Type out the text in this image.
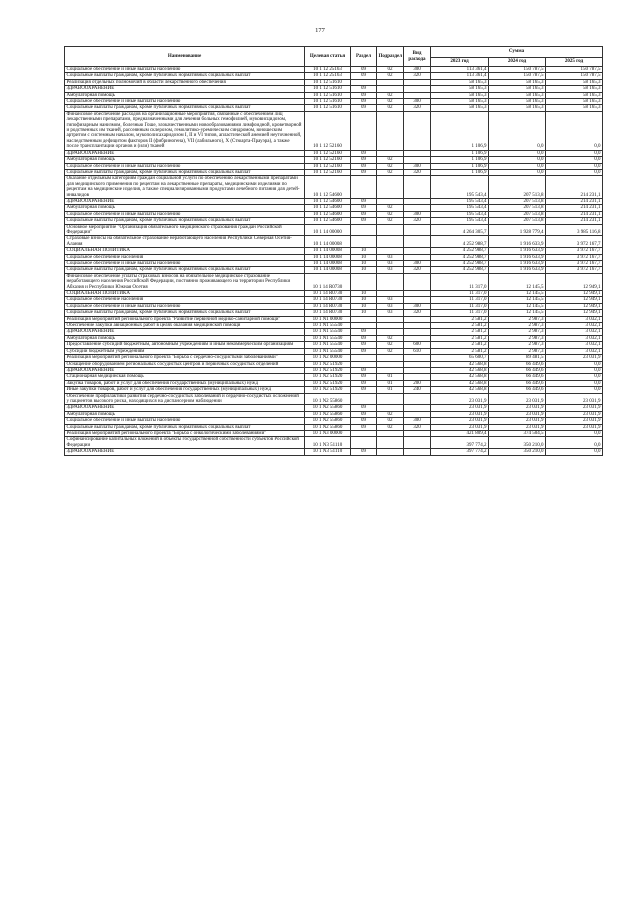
177
Наименование	Целевая статья	Раздел	Подраздел	Вид расхода	Сумма		
					2023 год	2024 год	2025 год
Социальное обеспечение и иные выплаты населению	10 1 12 25163	09	02	300	113 361,4	150 787,5	150 787,5
Социальные выплаты гражданам, кроме публичных нормативных социальных выплат	10 1 12 25163	09	02	320	113 361,4	150 787,5	150 787,5
Реализация отдельных полномочий в области лекарственного обеспечения	10 1 12 51610				58 165,3	58 165,3	58 165,3
ЗДРАВООХРАНЕНИЕ	10 1 12 51610	09			58 165,3	58 165,3	58 165,3
Амбулаторная помощь	10 1 12 51610	09	02		58 165,3	58 165,3	58 165,3
Социальное обеспечение и иные выплаты населению	10 1 12 51610	09	02	300	58 165,3	58 165,3	58 165,3
Социальные выплаты гражданам, кроме публичных нормативных социальных выплат	10 1 12 51610	09	02	320	58 165,3	58 165,3	58 165,3
Финансовое обеспечение расходов на организационные мероприятия, связанные с обеспечением лиц лекарственными препаратами, предназначенными для лечения больных гемофилией, муковисцидозом, гипофизарным нанизмом, болезнью Гоше, злокачественными новообразованиями лимфоидной, кроветворной и родственных им тканей, рассеянным склерозом, гемолитико-уремическим синдромом, юношеским артритом с системным началом, мукополисахаридозом I, II и VI типов, апластической анемией неуточненной, наследственным дефицитом факторов II (фибриногена), VII (лабильного), X (Стюарта-Прауэра), а также после трансплантации органов и (или) тканей	10 1 12 52160				1 106,9	0,0	0,0
ЗДРАВООХРАНЕНИЕ	10 1 12 52160	09			1 106,9	0,0	0,0
Амбулаторная помощь	10 1 12 52160	09	02		1 106,9	0,0	0,0
Социальное обеспечение и иные выплаты населению	10 1 12 52160	09	02	300	1 106,9	0,0	0,0
Социальные выплаты гражданам, кроме публичных нормативных социальных выплат	10 1 12 52160	09	02	320	1 106,9	0,0	0,0
Оказание отдельным категориям граждан социальной услуги по обеспечению лекарственными препаратами для медицинского применения по рецептам на лекарственные препараты, медицинскими изделиями по рецептам на медицинские изделия, а также специализированными продуктами лечебного питания для детей-инвалидов	10 1 12 54600				195 543,4	207 513,8	214 231,1
ЗДРАВООХРАНЕНИЕ	10 1 12 54600	09			195 543,4	207 513,8	214 231,1
Амбулаторная помощь	10 1 12 54600	09	02		195 543,4	207 513,8	214 231,1
Социальное обеспечение и иные выплаты населению	10 1 12 54600	09	02	300	195 543,4	207 513,8	214 231,1
Социальные выплаты гражданам, кроме публичных нормативных социальных выплат	10 1 12 54600	09	02	320	195 543,4	207 513,8	214 231,1
Основное мероприятие "Организация обязательного медицинского страхования граждан Российской Федерации"	10 1 14 00000				4 264 305,7	1 928 779,4	3 985 116,8
Страховые взносы на обязательное страхование неработающего населения Республики Северная Осетия-Алания	10 1 14 00008				4 252 988,7	1 916 633,9	3 972 167,7
СОЦИАЛЬНАЯ ПОЛИТИКА	10 1 14 00008	10			4 252 988,7	1 916 633,9	3 972 167,7
Социальное обеспечение населения	10 1 14 00008	10	03		4 252 988,7	1 916 633,9	3 972 167,7
Социальное обеспечение и иные выплаты населению	10 1 14 00008	10	03	300	4 252 988,7	1 916 633,9	3 972 167,7
Социальные выплаты гражданам, кроме публичных нормативных социальных выплат	10 1 14 00008	10	03	320	4 252 988,7	1 916 633,9	3 972 167,7
Финансовое обеспечение уплаты страховых взносов на обязательное медицинское страхование неработающего населения Российской Федерации, постоянно проживающего на территории Республики Абхазия и Республики Южная Осетия	10 1 14 R0730				11 317,0	12 145,5	12 949,1
СОЦИАЛЬНАЯ ПОЛИТИКА	10 1 14 R0730	10			11 317,0	12 145,5	12 949,1
Социальное обеспечение населения	10 1 14 R0730	10	03		11 317,0	12 145,5	12 949,1
Социальное обеспечение и иные выплаты населению	10 1 14 R0730	10	03	300	11 317,0	12 145,5	12 949,1
Социальные выплаты гражданам, кроме публичных нормативных социальных выплат	10 1 14 R0730	10	03	320	11 317,0	12 145,5	12 949,1
Реализация мероприятий регионального проекта "Развитие первичной медико-санитарной помощи"	10 1 N1 00000				2 581,2	2 987,3	3 032,1
Обеспечение закупки авиационных работ в целях оказания медицинской помощи	10 1 N1 55540				2 581,2	2 987,3	3 032,1
ЗДРАВООХРАНЕНИЕ	10 1 N1 55540	09			2 581,2	2 987,3	3 032,1
Амбулаторная помощь	10 1 N1 55540	09	02		2 581,2	2 987,3	3 032,1
Предоставление субсидий бюджетным, автономным учреждениям и иным некоммерческим организациям	10 1 N1 55540	09	02	600	2 581,2	2 987,3	3 032,1
Субсидии бюджетным учреждениям	10 1 N1 55540	09	02	610	2 581,2	2 987,3	3 032,1
Реализация мероприятий регионального проекта "Борьба с сердечно-сосудистыми заболеваниями"	10 1 N2 00000				65 600,7	89 481,5	23 031,9
Оснащение оборудованием региональных сосудистых центров и первичных сосудистых отделений	10 1 N2 51920				42 568,8	66 449,6	0,0
ЗДРАВООХРАНЕНИЕ	10 1 N2 51920	09			42 568,8	66 449,6	0,0
Стационарная медицинская помощь	10 1 N2 51920	09	01		42 568,8	66 449,6	0,0
Закупка товаров, работ и услуг для обеспечения государственных (муниципальных) нужд	10 1 N2 51920	09	01	200	42 568,8	66 449,6	0,0
Иные закупки товаров, работ и услуг для обеспечения государственных (муниципальных) нужд	10 1 N2 51920	09	01	240	42 568,8	66 449,6	0,0
Обеспечение профилактики развития сердечно-сосудистых заболеваний и сердечно-сосудистых осложнений у пациентов высокого риска, находящихся на диспансерном наблюдении	10 1 N2 55860				23 031,9	23 031,9	23 031,9
ЗДРАВООХРАНЕНИЕ	10 1 N2 55860	09			23 031,9	23 031,9	23 031,9
Амбулаторная помощь	10 1 N2 55860	09	02		23 031,9	23 031,9	23 031,9
Социальное обеспечение и иные выплаты населению	10 1 N2 55860	09	02	300	23 031,9	23 031,9	23 031,9
Социальные выплаты гражданам, кроме публичных нормативных социальных выплат	10 1 N2 55860	09	02	320	23 031,9	23 031,9	23 031,9
Реализация мероприятий регионального проекта "Борьба с онкологическими заболеваниями"	10 1 N3 00000				421 809,4	374 504,5	0,0
Софинансирование капитальных вложений в объекты государственной собственности субъектов Российской Федерации	10 1 N3 51110				397 774,2	350 210,0	0,0
ЗДРАВООХРАНЕНИЕ	10 1 N3 51110	09			397 774,2	350 210,0	0,0
